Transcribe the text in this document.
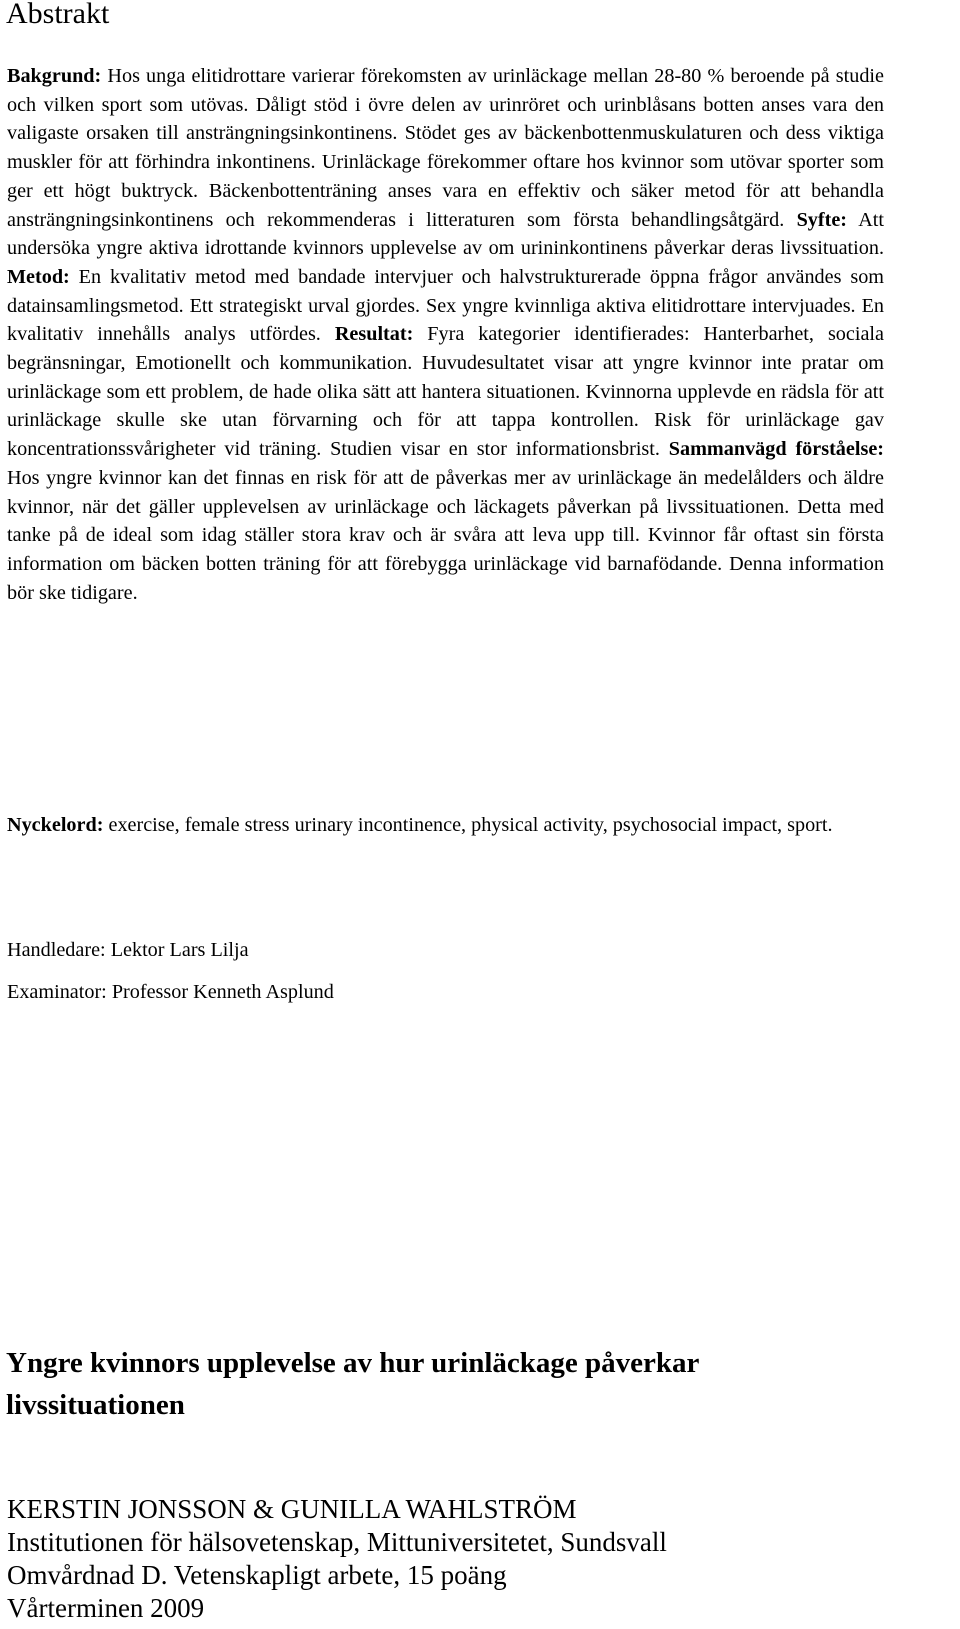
Abstrakt

Bakgrund: Hos unga elitidrottare varierar förekomsten av urinläckage mellan 28-80 % beroende på studie och vilken sport som utövas. Dåligt stöd i övre delen av urinröret och urinblåsans botten anses vara den valigaste orsaken till ansträngningsinkontinens. Stödet ges av bäckenbottenmuskulaturen och dess viktiga muskler för att förhindra inkontinens. Urinläckage förekommer oftare hos kvinnor som utövar sporter som ger ett högt buktryck. Bäckenbottenträning anses vara en effektiv och säker metod för att behandla ansträngningsinkontinens och rekommenderas i litteraturen som första behandlingsåtgärd. Syfte: Att undersöka yngre aktiva idrottande kvinnors upplevelse av om urininkontinens påverkar deras livssituation. Metod: En kvalitativ metod med bandade intervjuer och halvstrukturerade öppna frågor användes som datainsamlingsmetod. Ett strategiskt urval gjordes. Sex yngre kvinnliga aktiva elitidrottare intervjuades. En kvalitativ innehålls analys utfördes. Resultat: Fyra kategorier identifierades: Hanterbarhet, sociala begränsningar, Emotionellt och kommunikation. Huvudesultatet visar att yngre kvinnor inte pratar om urinläckage som ett problem, de hade olika sätt att hantera situationen. Kvinnorna upplevde en rädsla för att urinläckage skulle ske utan förvarning och för att tappa kontrollen. Risk för urinläckage gav koncentrationssvårigheter vid träning. Studien visar en stor informationsbrist. Sammanvägd förståelse: Hos yngre kvinnor kan det finnas en risk för att de påverkas mer av urinläckage än medelålders och äldre kvinnor, när det gäller upplevelsen av urinläckage och läckagets påverkan på livssituationen. Detta med tanke på de ideal som idag ställer stora krav och är svåra att leva upp till. Kvinnor får oftast sin första information om bäcken botten träning för att förebygga urinläckage vid barnafödande. Denna information bör ske tidigare.

Nyckelord: exercise, female stress urinary incontinence, physical activity, psychosocial impact, sport.

Handledare: Lektor Lars Lilja

Examinator: Professor Kenneth Asplund

Yngre kvinnors upplevelse av hur urinläckage påverkar livssituationen
KERSTIN JONSSON & GUNILLA WAHLSTRÖM
Institutionen för hälsovetenskap, Mittuniversitetet, Sundsvall
Omvårdnad D. Vetenskapligt arbete, 15 poäng
Vårterminen 2009
